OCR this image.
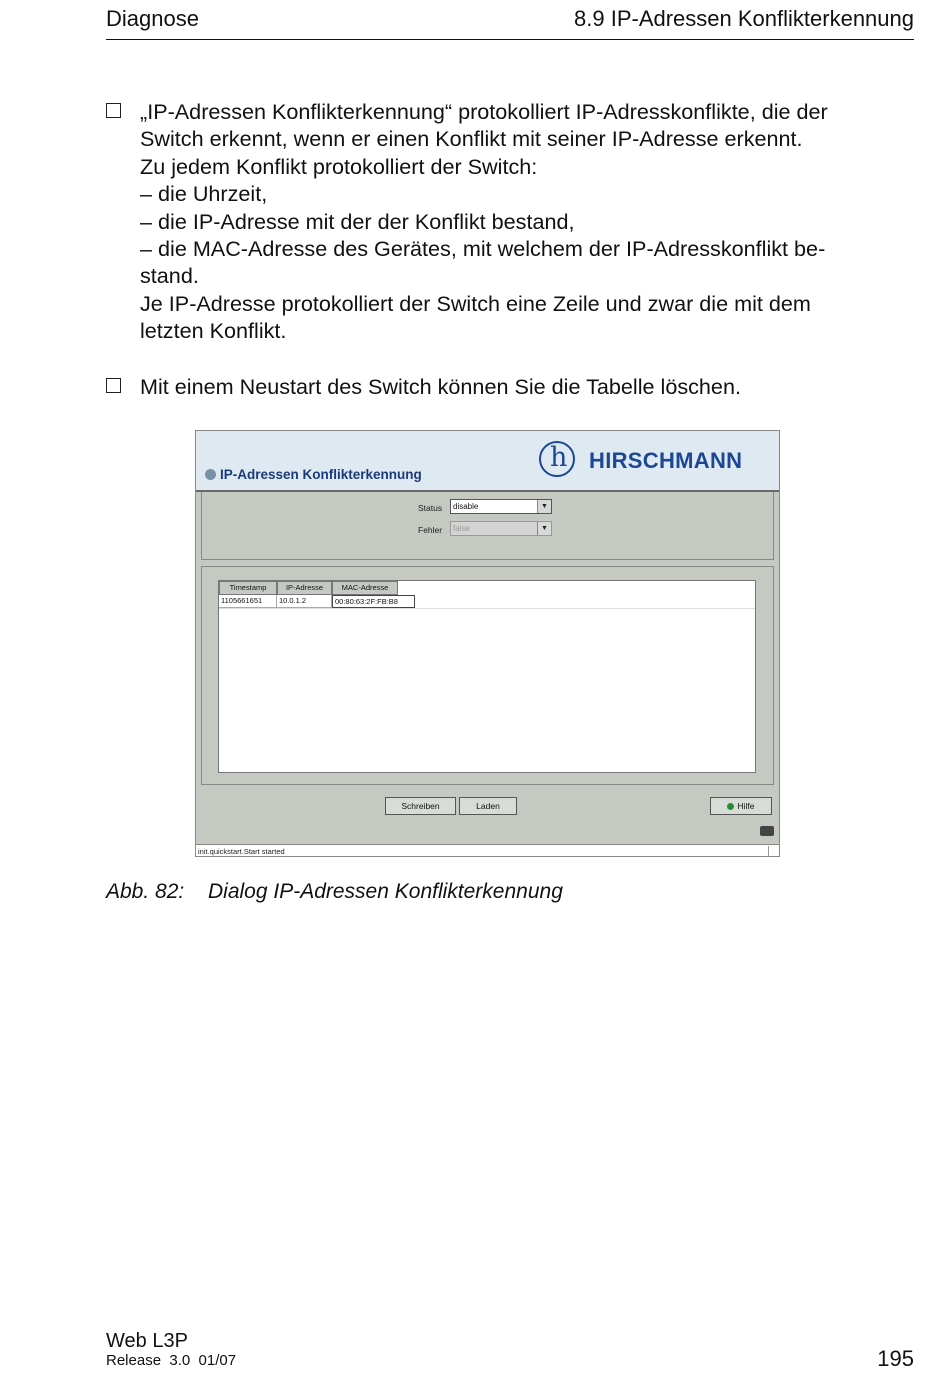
Diagnose	8.9 IP-Adressen Konflikterkennung
„IP-Adressen Konflikterkennung“ protokolliert IP-Adresskonflikte, die der
Switch erkennt, wenn er einen Konflikt mit seiner IP-Adresse erkennt.
Zu jedem Konflikt protokolliert der Switch:
– die Uhrzeit,
– die IP-Adresse mit der der Konflikt bestand,
– die MAC-Adresse des Gerätes, mit welchem der IP-Adresskonflikt be-
stand.
Je IP-Adresse protokolliert der Switch eine Zeile und zwar die mit dem
letzten Konflikt.
Mit einem Neustart des Switch können Sie die Tabelle löschen.
IP-Adressen Konflikterkennung
h HIRSCHMANN
Status	disable	▼
Fehler	false	▼
Timestamp	IP-Adresse	MAC-Adresse
1105661651	10.0.1.2	00:80:63:2F:FB:B8
Schreiben	Laden	Hilfe
init.quickstart.Start started
Abb. 82: Dialog IP-Adressen Konflikterkennung
Web L3P
Release  3.0  01/07	195
